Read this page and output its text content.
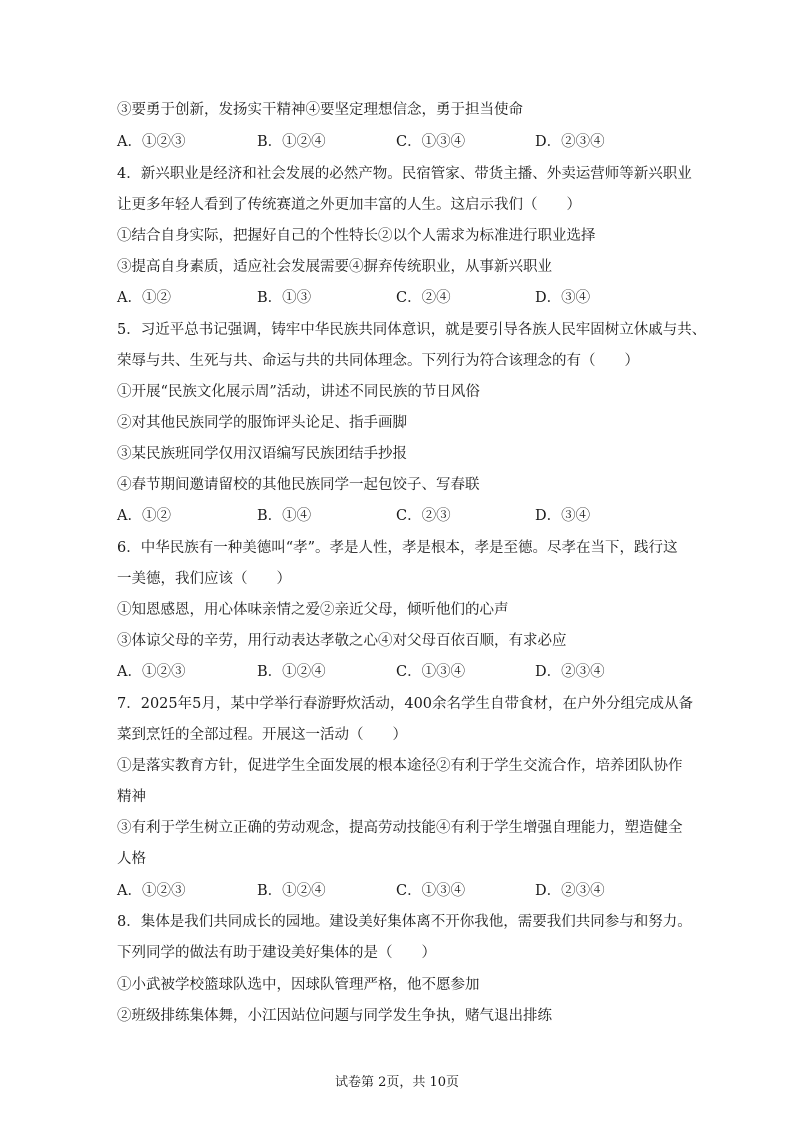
③要勇于创新，发扬实干精神④要坚定理想信念，勇于担当使命
A．①②③	B．①②④	C．①③④	D．②③④
4．新兴职业是经济和社会发展的必然产物。民宿管家、带货主播、外卖运营师等新兴职业
让更多年轻人看到了传统赛道之外更加丰富的人生。这启示我们（　　）
①结合自身实际，把握好自己的个性特长②以个人需求为标准进行职业选择
③提高自身素质，适应社会发展需要④摒弃传统职业，从事新兴职业
A．①②	B．①③	C．②④	D．③④
5．习近平总书记强调，铸牢中华民族共同体意识，就是要引导各族人民牢固树立休戚与共、
荣辱与共、生死与共、命运与共的共同体理念。下列行为符合该理念的有（　　）
①开展“民族文化展示周”活动，讲述不同民族的节日风俗
②对其他民族同学的服饰评头论足、指手画脚
③某民族班同学仅用汉语编写民族团结手抄报
④春节期间邀请留校的其他民族同学一起包饺子、写春联
A．①②	B．①④	C．②③	D．③④
6．中华民族有一种美德叫“孝”。孝是人性，孝是根本，孝是至德。尽孝在当下，践行这
一美德，我们应该（　　）
①知恩感恩，用心体味亲情之爱②亲近父母，倾听他们的心声
③体谅父母的辛劳，用行动表达孝敬之心④对父母百依百顺，有求必应
A．①②③	B．①②④	C．①③④	D．②③④
7．2025年5月，某中学举行春游野炊活动，400余名学生自带食材，在户外分组完成从备
菜到烹饪的全部过程。开展这一活动（　　）
①是落实教育方针，促进学生全面发展的根本途径②有利于学生交流合作，培养团队协作
精神
③有利于学生树立正确的劳动观念，提高劳动技能④有利于学生增强自理能力，塑造健全
人格
A．①②③	B．①②④	C．①③④	D．②③④
8．集体是我们共同成长的园地。建设美好集体离不开你我他，需要我们共同参与和努力。
下列同学的做法有助于建设美好集体的是（　　）
①小武被学校篮球队选中，因球队管理严格，他不愿参加
②班级排练集体舞，小江因站位问题与同学发生争执，赌气退出排练
试卷第 2页，共 10页
